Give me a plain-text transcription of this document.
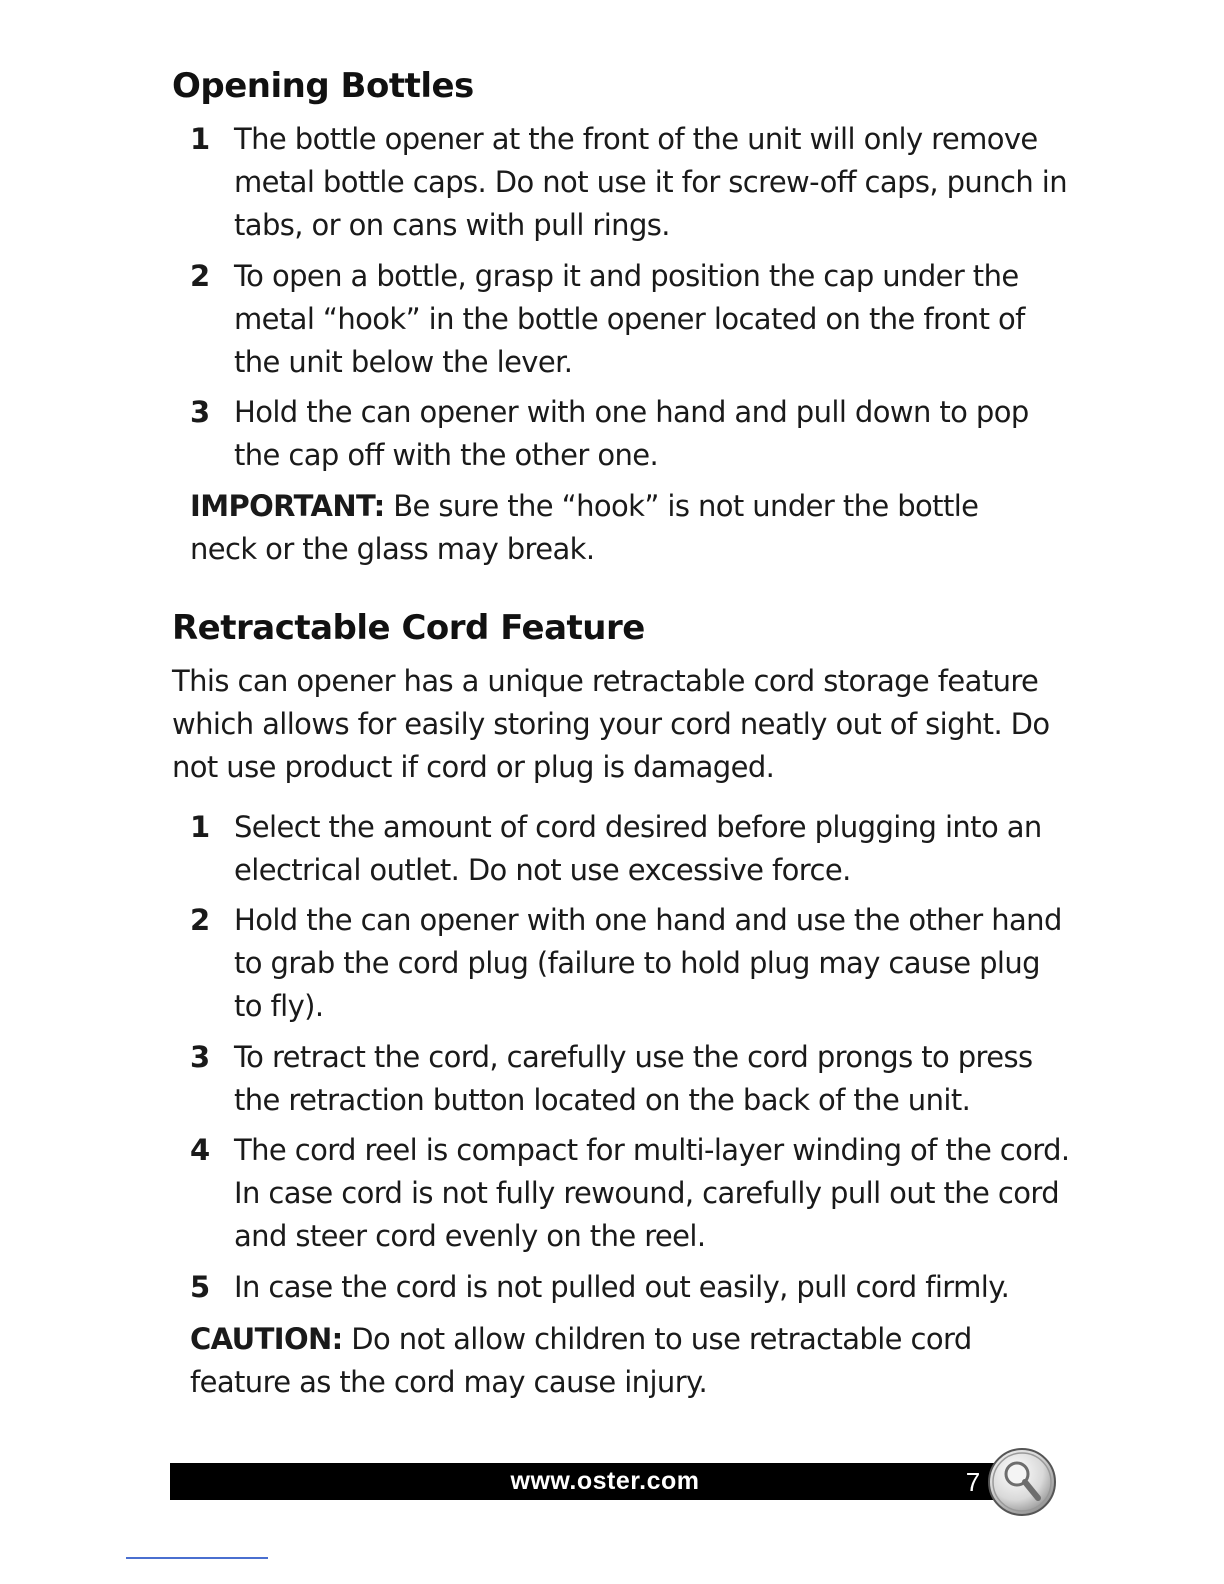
Opening Bottles
1 The bottle opener at the front of the unit will only remove metal bottle caps. Do not use it for screw-off caps, punch in tabs, or on cans with pull rings.
2 To open a bottle, grasp it and position the cap under the metal “hook” in the bottle opener located on the front of the unit below the lever.
3 Hold the can opener with one hand and pull down to pop the cap off with the other one.
IMPORTANT: Be sure the “hook” is not under the bottle neck or the glass may break.
Retractable Cord Feature
This can opener has a unique retractable cord storage feature which allows for easily storing your cord neatly out of sight. Do not use product if cord or plug is damaged.
1 Select the amount of cord desired before plugging into an electrical outlet. Do not use excessive force.
2 Hold the can opener with one hand and use the other hand to grab the cord plug (failure to hold plug may cause plug to fly).
3 To retract the cord, carefully use the cord prongs to press the retraction button located on the back of the unit.
4 The cord reel is compact for multi-layer winding of the cord. In case cord is not fully rewound, carefully pull out the cord and steer cord evenly on the reel.
5 In case the cord is not pulled out easily, pull cord firmly.
CAUTION: Do not allow children to use retractable cord feature as the cord may cause injury.
www.oster.com	7
